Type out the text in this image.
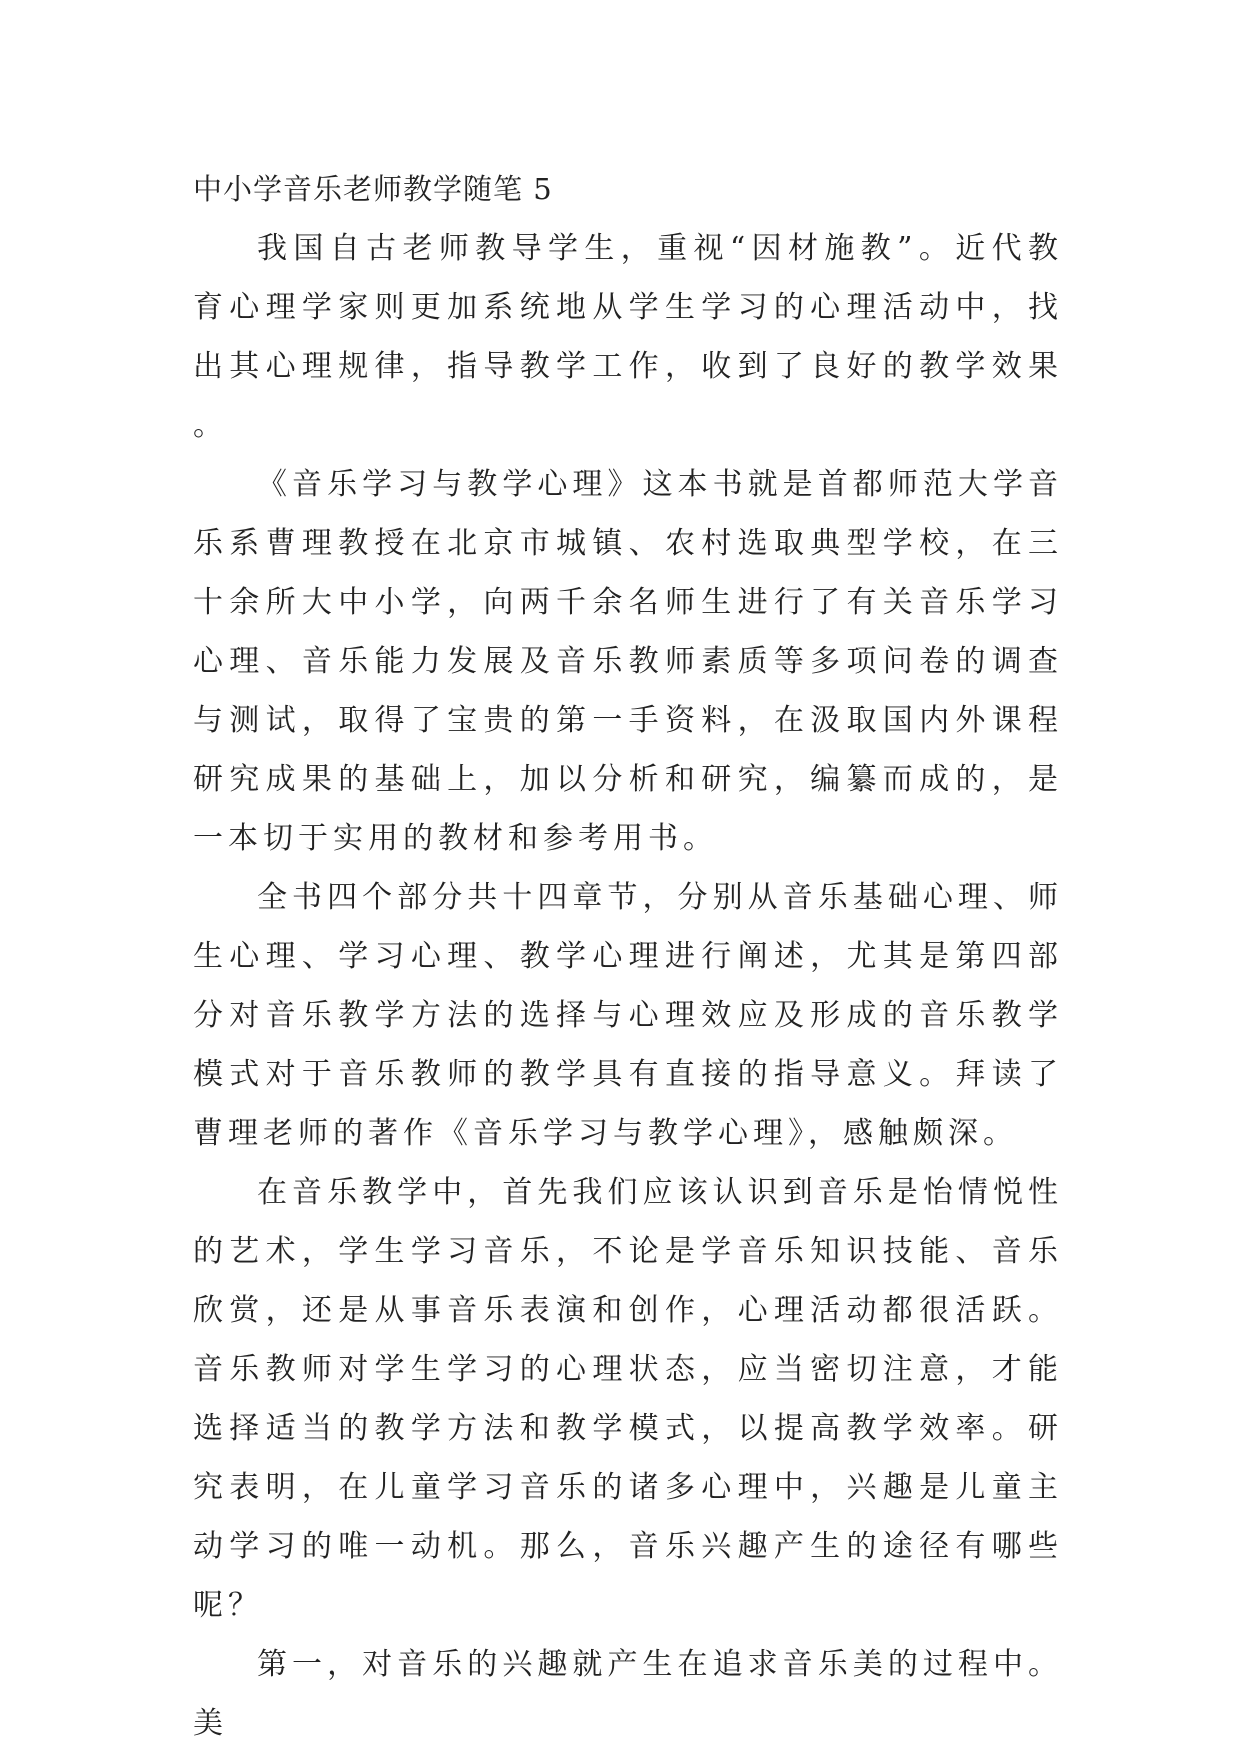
中小学音乐老师教学随笔 5

我国自古老师教导学生，重视“因材施教”。近代教育心理学家则更加系统地从学生学习的心理活动中，找出其心理规律，指导教学工作，收到了良好的教学效果。

《音乐学习与教学心理》这本书就是首都师范大学音乐系曹理教授在北京市城镇、农村选取典型学校，在三十余所大中小学，向两千余名师生进行了有关音乐学习心理、音乐能力发展及音乐教师素质等多项问卷的调查与测试，取得了宝贵的第一手资料，在汲取国内外课程研究成果的基础上，加以分析和研究，编纂而成的，是一本切于实用的教材和参考用书。

全书四个部分共十四章节，分别从音乐基础心理、师生心理、学习心理、教学心理进行阐述，尤其是第四部分对音乐教学方法的选择与心理效应及形成的音乐教学模式对于音乐教师的教学具有直接的指导意义。拜读了曹理老师的著作《音乐学习与教学心理》，感触颇深。

在音乐教学中，首先我们应该认识到音乐是怡情悦性的艺术，学生学习音乐，不论是学音乐知识技能、音乐欣赏，还是从事音乐表演和创作，心理活动都很活跃。音乐教师对学生学习的心理状态，应当密切注意，才能选择适当的教学方法和教学模式，以提高教学效率。研究表明，在儿童学习音乐的诸多心理中，兴趣是儿童主动学习的唯一动机。那么，音乐兴趣产生的途径有哪些呢？

第一，对音乐的兴趣就产生在追求音乐美的过程中。美
